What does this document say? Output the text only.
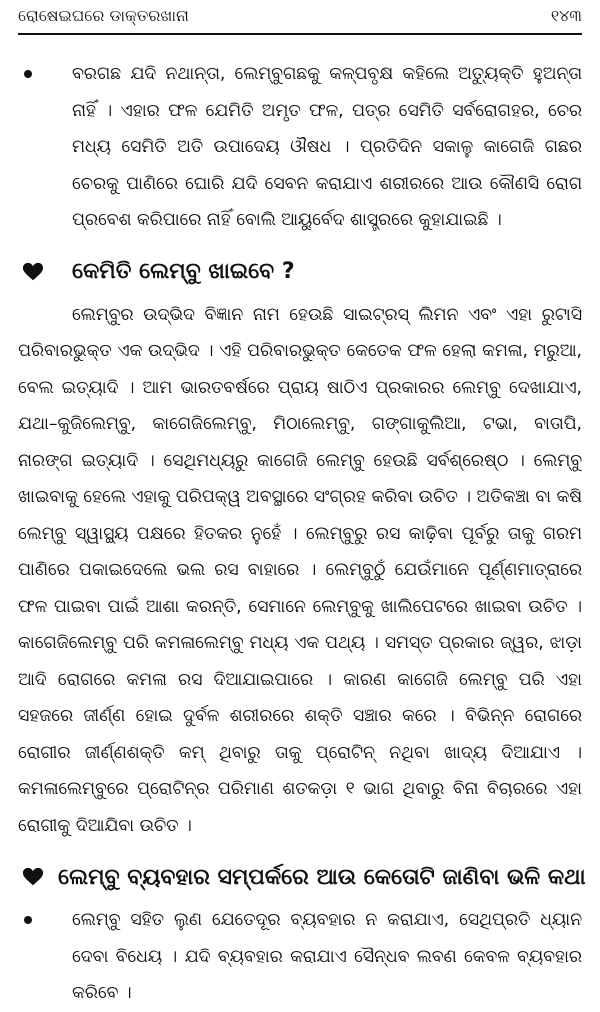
ରୋଷେଇଘରେ ଡାକ୍ତରଖାନା	୧୪୩

ବରଗଛ ଯଦି ନଥାନ୍ତା, ଲେମ୍ବୁଗଛକୁ କଳ୍ପବୃକ୍ଷ କହିଲେ ଅତ୍ୟୁକ୍ତି ହୁଅନ୍ତା ନାହିଁ । ଏହାର ଫଳ ଯେମିତି ଅମୃତ ଫଳ, ପତ୍ର ସେମିତି ସର୍ବରୋଗହର, ଚେର ମଧ୍ୟ ସେମିତି ଅତି ଉପାଦେୟ ଔଷଧ । ପ୍ରତିଦିନ ସକାଳୁ କାଗେଜି ଗଛର ଚେରକୁ ପାଣିରେ ଘୋରି ଯଦି ସେବନ କରାଯାଏ ଶରୀରରେ ଆଉ କୌଣସି ରୋଗ ପ୍ରବେଶ କରିପାରେ ନାହିଁ ବୋଲି ଆୟୁର୍ବେଦ ଶାସ୍ତ୍ରରେ କୁହାଯାଇଛି ।

କେମିତି ଲେମ୍ବୁ ଖାଇବେ ?

ଲେମ୍ବୁର ଉଦ୍ଭିଦ ବିଜ୍ଞାନ ନାମ ହେଉଛି ସାଇଟ୍ରସ୍ ଲିମନ ଏବଂ ଏହା ରୁଟାସି ପରିବାରଭୁକ୍ତ ଏକ ଉଦ୍ଭିଦ । ଏହି ପରିବାରଭୁକ୍ତ କେତେକ ଫଳ ହେଲା କମଳା, ମରୁଆ, ବେଲ ଇତ୍ୟାଦି । ଆମ ଭାରତବର୍ଷରେ ପ୍ରାୟ ଷାଠିଏ ପ୍ରକାରର ଲେମ୍ବୁ ଦେଖାଯାଏ, ଯଥା–କୁଜିଲେମ୍ବୁ, କାଗେଜିଲେମ୍ବୁ, ମିଠାଲେମ୍ବୁ, ଗଙ୍ଗାକୁଲିଆ, ଟଭା, ବାତାପି, ନାରଙ୍ଗ ଇତ୍ୟାଦି । ସେଥିମଧ୍ୟରୁ କାଗେଜି ଲେମ୍ବୁ ହେଉଛି ସର୍ବଶ୍ରେଷ୍ଠ । ଲେମ୍ବୁ ଖାଇବାକୁ ହେଲେ ଏହାକୁ ପରିପକ୍ୱ ଅବସ୍ଥାରେ ସଂଗ୍ରହ କରିବା ଉଚିତ । ଅତିକଞ୍ଚା ବା କଷି ଲେମ୍ବୁ ସ୍ୱାସ୍ଥ୍ୟ ପକ୍ଷରେ ହିତକର ନୁହେଁ । ଲେମ୍ବୁରୁ ରସ କାଢ଼ିବା ପୂର୍ବରୁ ତାକୁ ଗରମ ପାଣିରେ ପକାଇଦେଲେ ଭଲ ରସ ବାହାରେ । ଲେମ୍ବୁଠୁଁ ଯେଉଁମାନେ ପୂର୍ଣ୍ଣମାତ୍ରାରେ ଫଳ ପାଇବା ପାଇଁ ଆଶା କରନ୍ତି, ସେମାନେ ଲେମ୍ବୁକୁ ଖାଲିପେଟରେ ଖାଇବା ଉଚିତ । କାଗେଜିଲେମ୍ବୁ ପରି କମଳାଲେମ୍ବୁ ମଧ୍ୟ ଏକ ପଥ୍ୟ । ସମସ୍ତ ପ୍ରକାର ଜ୍ୱର, ଝାଡ଼ା ଆଦି ରୋଗରେ କମଳା ରସ ଦିଆଯାଇପାରେ । କାରଣ କାଗେଜି ଲେମ୍ବୁ ପରି ଏହା ସହଜରେ ଜୀର୍ଣ୍ଣ ହୋଇ ଦୁର୍ବଳ ଶରୀରରେ ଶକ୍ତି ସଞ୍ଚାର କରେ । ବିଭିନ୍ନ ରୋଗରେ ରୋଗୀର ଜୀର୍ଣ୍ଣଶକ୍ତି କମ୍ ଥିବାରୁ ତାକୁ ପ୍ରୋଟିନ୍ ନଥିବା ଖାଦ୍ୟ ଦିଆଯାଏ । କମଳାଲେମ୍ବୁରେ ପ୍ରୋଟିନ୍‌ର ପରିମାଣ ଶତକଡ଼ା ୧ ଭାଗ ଥିବାରୁ ବିନା ବିଚାରରେ ଏହା ରୋଗୀକୁ ଦିଆଯିବା ଉଚିତ ।

ଲେମ୍ବୁ ବ୍ୟବହାର ସମ୍ପର୍କରେ ଆଉ କେତୋଟି ଜାଣିବା ଭଳି କଥା

ଲେମ୍ବୁ ସହିତ ଲୁଣ ଯେତେଦୂର ବ୍ୟବହାର ନ କରାଯାଏ, ସେଥିପ୍ରତି ଧ୍ୟାନ ଦେବା ବିଧେୟ । ଯଦି ବ୍ୟବହାର କରାଯାଏ ସୈନ୍ଧବ ଲବଣ କେବଳ ବ୍ୟବହାର କରିବେ ।
